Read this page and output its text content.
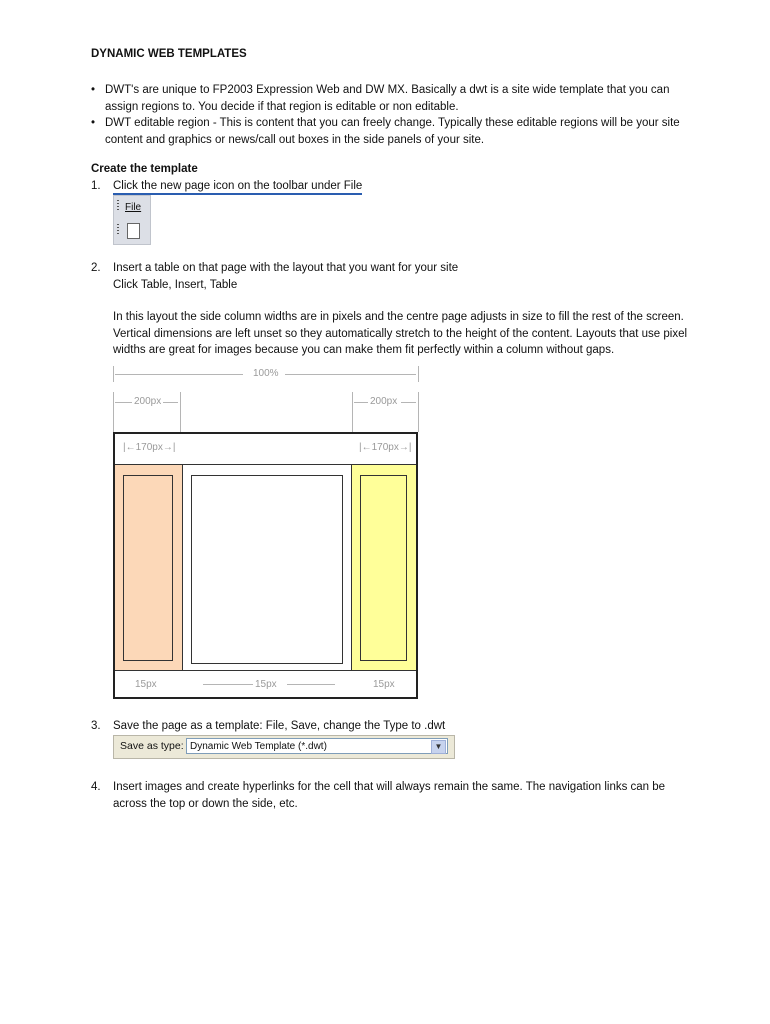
DYNAMIC WEB TEMPLATES
• DWT's are unique to FP2003 Expression Web and DW MX. Basically a dwt is a site wide template that you can assign regions to. You decide if that region is editable or non editable.
• DWT editable region - This is content that you can freely change. Typically these editable regions will be your site content and graphics or news/call out boxes in the side panels of your site.
Create the template
1. Click the new page icon on the toolbar under File
File
2. Insert a table on that page with the layout that you want for your site
Click Table, Insert, Table
In this layout the side column widths are in pixels and the centre page adjusts in size to fill the rest of the screen. Vertical dimensions are left unset so they automatically stretch to the height of the content. Layouts that use pixel widths are great for images because you can make them fit perfectly within a column without gaps.
100%
200px	200px
|←170px→|	|←170px→|
15px	15px	15px
3. Save the page as a template: File, Save, change the Type to .dwt
Save as type: Dynamic Web Template (*.dwt)	▼
4. Insert images and create hyperlinks for the cell that will always remain the same. The navigation links can be across the top or down the side, etc.
